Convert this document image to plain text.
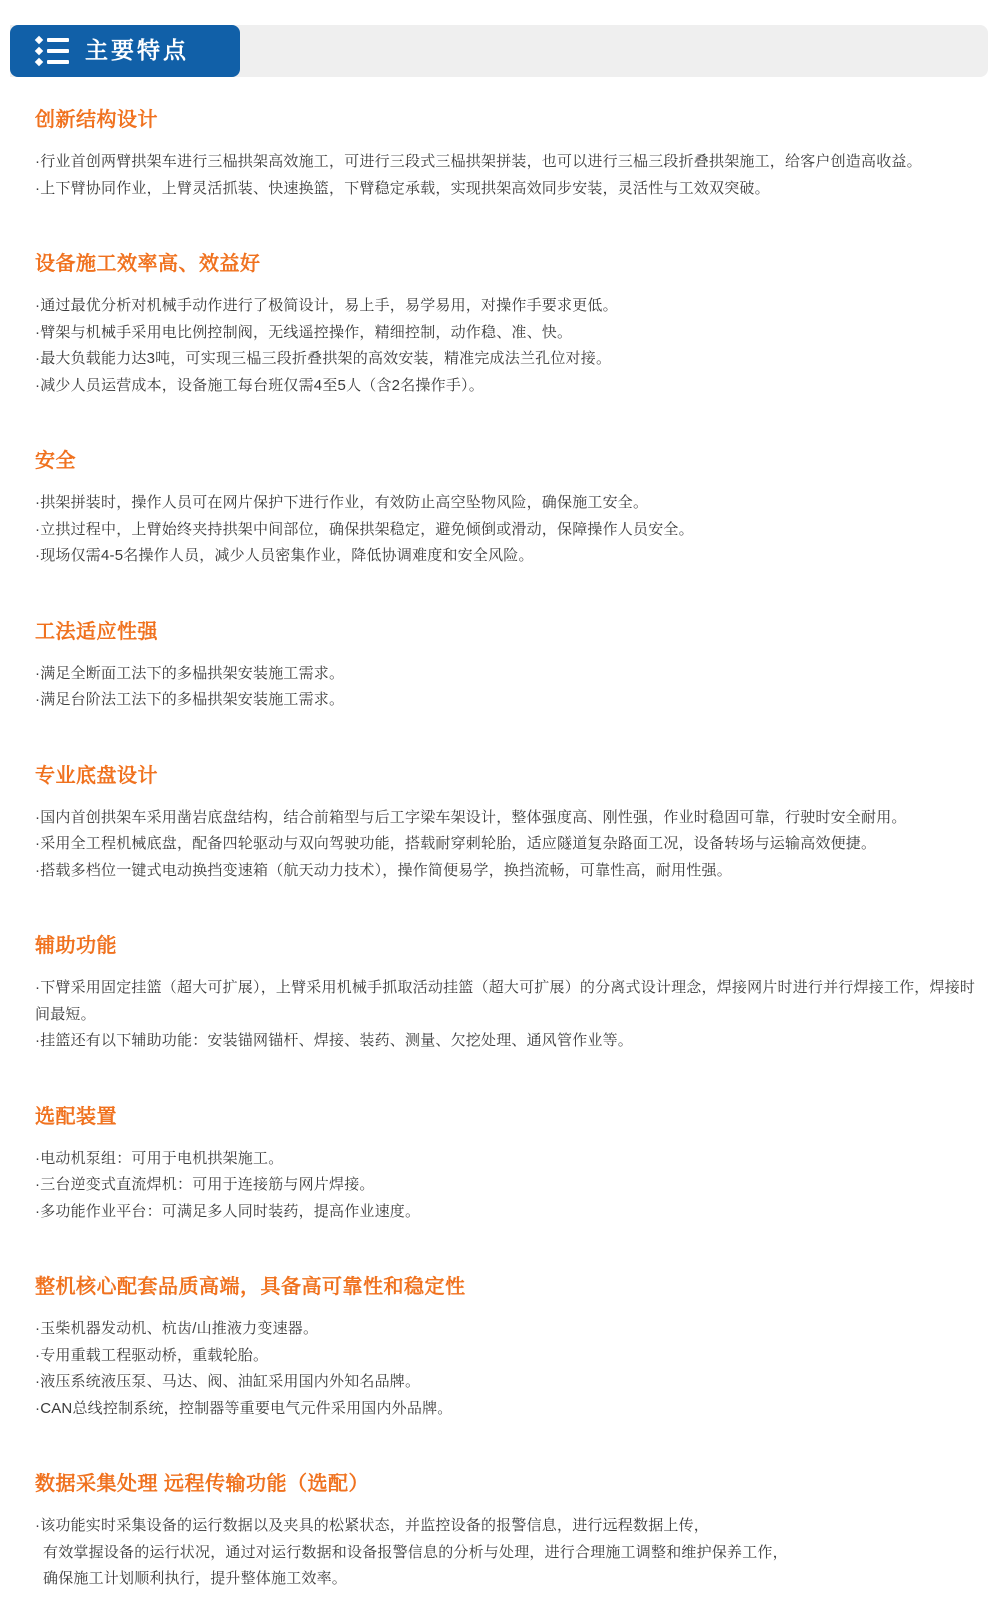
主要特点
创新结构设计
·行业首创两臂拱架车进行三榀拱架高效施工，可进行三段式三榀拱架拼装，也可以进行三榀三段折叠拱架施工，给客户创造高收益。
·上下臂协同作业，上臂灵活抓装、快速换篮，下臂稳定承载，实现拱架高效同步安装，灵活性与工效双突破。
设备施工效率高、效益好
·通过最优分析对机械手动作进行了极简设计，易上手，易学易用，对操作手要求更低。
·臂架与机械手采用电比例控制阀，无线遥控操作，精细控制，动作稳、准、快。
·最大负载能力达3吨，可实现三榀三段折叠拱架的高效安装，精准完成法兰孔位对接。
·减少人员运营成本，设备施工每台班仅需4至5人（含2名操作手）。
安全
·拱架拼装时，操作人员可在网片保护下进行作业，有效防止高空坠物风险，确保施工安全。
·立拱过程中，上臂始终夹持拱架中间部位，确保拱架稳定，避免倾倒或滑动，保障操作人员安全。
·现场仅需4-5名操作人员，减少人员密集作业，降低协调难度和安全风险。
工法适应性强
·满足全断面工法下的多榀拱架安装施工需求。
·满足台阶法工法下的多榀拱架安装施工需求。
专业底盘设计
·国内首创拱架车采用凿岩底盘结构，结合前箱型与后工字梁车架设计，整体强度高、刚性强，作业时稳固可靠，行驶时安全耐用。
·采用全工程机械底盘，配备四轮驱动与双向驾驶功能，搭载耐穿刺轮胎，适应隧道复杂路面工况，设备转场与运输高效便捷。
·搭载多档位一键式电动换挡变速箱（航天动力技术），操作简便易学，换挡流畅，可靠性高，耐用性强。
辅助功能
·下臂采用固定挂篮（超大可扩展），上臂采用机械手抓取活动挂篮（超大可扩展）的分离式设计理念，焊接网片时进行并行焊接工作，焊接时间最短。
·挂篮还有以下辅助功能：安装锚网锚杆、焊接、装药、测量、欠挖处理、通风管作业等。
选配装置
·电动机泵组：可用于电机拱架施工。
·三台逆变式直流焊机：可用于连接筋与网片焊接。
·多功能作业平台：可满足多人同时装药，提高作业速度。
整机核心配套品质高端，具备高可靠性和稳定性
·玉柴机器发动机、杭齿/山推液力变速器。
·专用重载工程驱动桥，重载轮胎。
·液压系统液压泵、马达、阀、油缸采用国内外知名品牌。
·CAN总线控制系统，控制器等重要电气元件采用国内外品牌。
数据采集处理 远程传输功能（选配）
·该功能实时采集设备的运行数据以及夹具的松紧状态，并监控设备的报警信息，进行远程数据上传，
有效掌握设备的运行状况，通过对运行数据和设备报警信息的分析与处理，进行合理施工调整和维护保养工作，
确保施工计划顺利执行，提升整体施工效率。
